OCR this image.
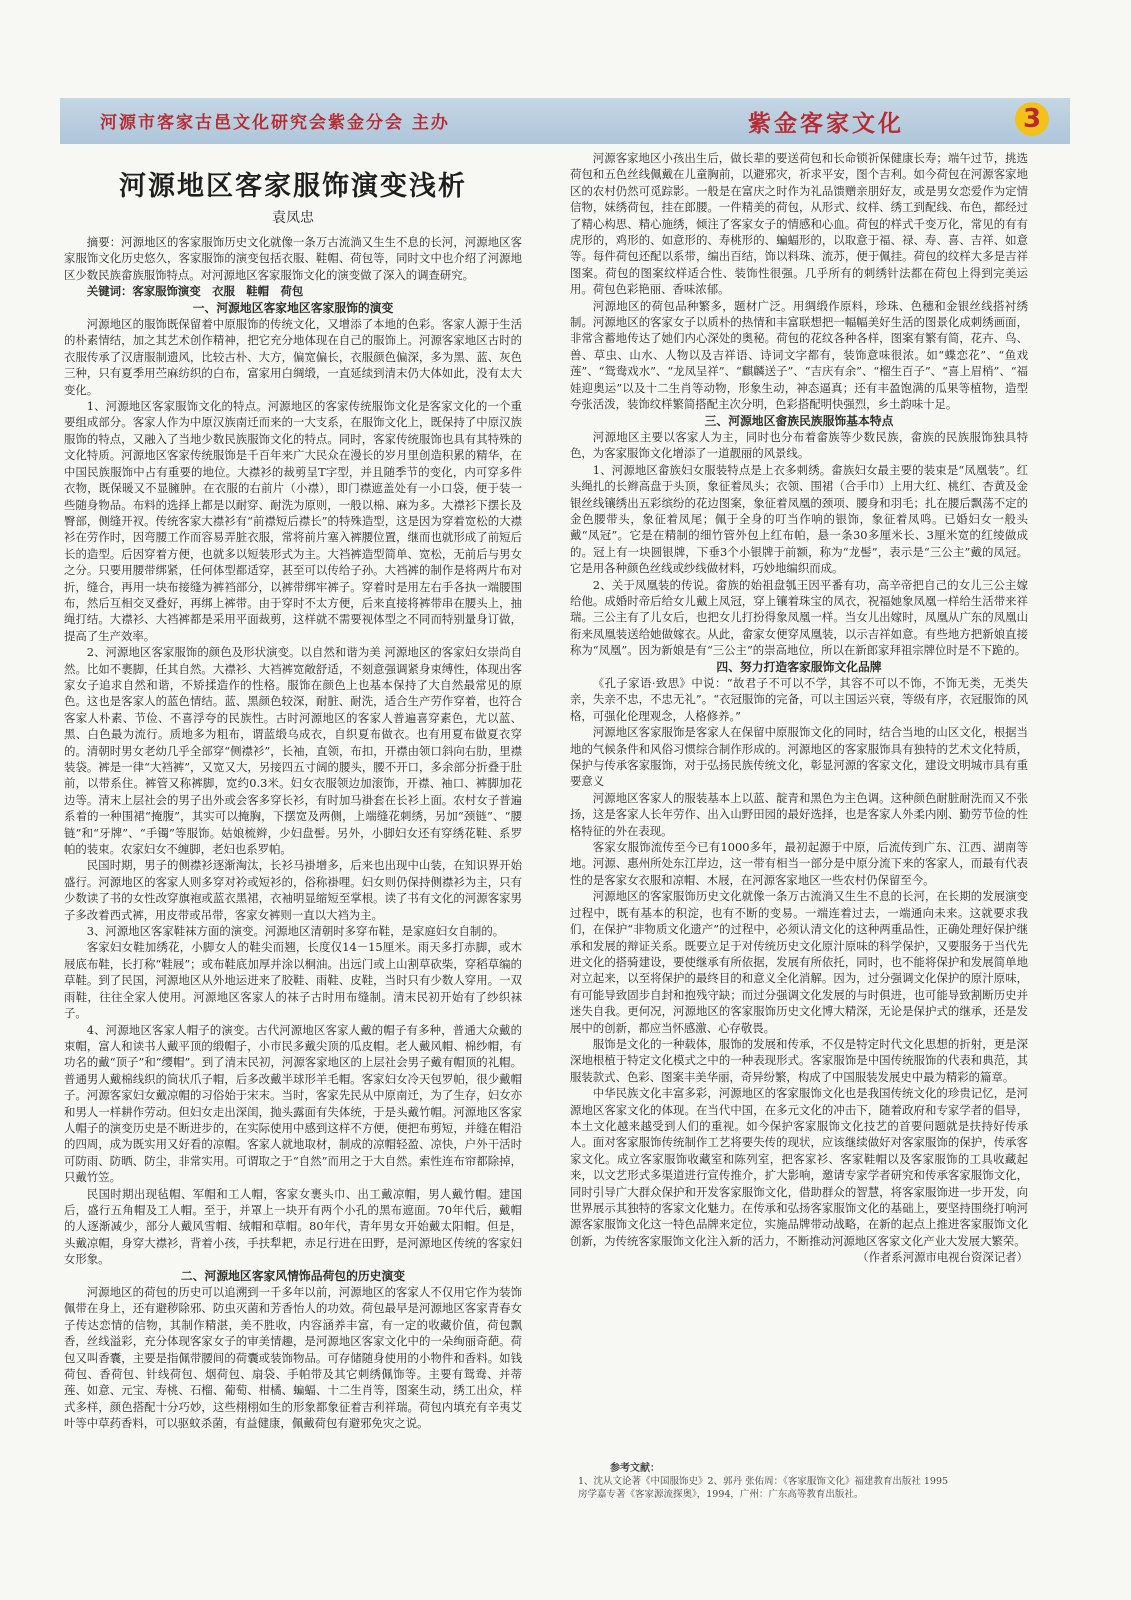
河源市客家古邑文化研究会紫金分会 主办	紫金客家文化	3
河源地区客家服饰演变浅析
袁凤忠

摘要：河源地区的客家服饰历史文化就像一条万古流淌又生生不息的长河，河源地区客家服饰文化历史悠久，客家服饰的演变包括衣服、鞋帽、荷包等，同时文中也介绍了河源地区少数民族畲族服饰特点。对河源地区客家服饰文化的演变做了深入的调查研究。

关键词：客家服饰演变　衣服　鞋帽　荷包

一、河源地区客家地区客家服饰的演变

河源地区的服饰既保留着中原服饰的传统文化，又增添了本地的色彩。客家人源于生活的朴素情结，加之其艺术创作精神，把它充分地体现在自己的服饰上。河源客家地区古时的衣服传承了汉唐服制遗风，比较古朴、大方，偏宽偏长，衣服颜色偏深，多为黑、蓝、灰色三种，只有夏季用苎麻纺织的白布，富家用白绸缎，一直延续到清末仍大体如此，没有太大变化。

1、河源地区客家服饰文化的特点。河源地区的客家传统服饰文化是客家文化的一个重要组成部分。客家人作为中原汉族南迁而来的一大支系，在服饰文化上，既保持了中原汉族服饰的特点，又融入了当地少数民族服饰文化的特点。同时，客家传统服饰也具有其特殊的文化特质。河源地区客家传统服饰是千百年来广大民众在漫长的岁月里创造积累的精华，在中国民族服饰中占有重要的地位。大襟衫的裁剪呈T字型，并且随季节的变化，内可穿多件衣物，既保暖又不显臃肿。在衣服的右前片（小襟），即门襟遮盖处有一小口袋，便于装一些随身物品。布料的选择上都是以耐穿、耐洗为原则，一般以棉、麻为多。大襟衫下摆长及臀部，侧缝开衩。传统客家大襟衫有“前襟短后襟长”的特殊造型，这是因为穿着宽松的大襟衫在劳作时，因弯腰工作而容易弄脏衣服，常将前片塞入裤腰位置，继而也就形成了前短后长的造型。后因穿着方便，也就多以短装形式为主。大裆裤造型简单、宽松，无前后与男女之分。只要用腰带绑紧，任何体型都适穿，甚至可以传给子孙。大裆裤的制作是将两片布对折，缝合，再用一块布接缝为裤裆部分，以裤带绑牢裤子。穿着时是用左右手各执一端腰围布，然后互相交叉叠好，再绑上裤带。由于穿时不太方便，后来直接将裤带串在腰头上，抽绳打结。大襟衫、大裆裤都是采用平面裁剪，这样就不需要视体型之不同而特别量身订做，提高了生产效率。

2、河源地区客家服饰的颜色及形状演变。以自然和谐为美 河源地区的客家妇女崇尚自然。比如不裹脚，任其自然。大襟衫、大裆裤宽敞舒适，不刻意强调紧身束缚性，体现出客家女子追求自然和谐，不矫揉造作的性格。服饰在颜色上也基本保持了大自然最常见的原色。这也是客家人的蓝色情结。蓝、黑颜色较深，耐脏、耐洗，适合生产劳作穿着，也符合客家人朴素、节俭、不喜浮夸的民族性。古时河源地区的客家人普遍喜穿素色，尤以蓝、黑、白色最为流行。质地多为粗布，谓蓝缎乌成衣，自织夏布做衣。也有用夏布做夏衣穿的。清朝时男女老幼几乎全部穿“侧襟衫”，长袖，直领，布扣，开襟由领口斜向右肋，里襟装袋。裤是一律“大裆裤”，又宽又大，另接四五寸阔的腰头，腰不开口，多余部分折叠于肚前，以带系住。裤管又称裤脚，宽约0.3米。妇女衣服领边加滚饰，开襟、袖口、裤脚加花边等。清末上层社会的男子出外或会客多穿长衫，有时加马褂套在长衫上面。农村女子普遍系着的一种围裙“掩腹”，其实可以掩胸，下摆宽及两侧，上端缝花刺绣，另加“颈链”、“腰链”和“牙牌”、“手镯”等服饰。姑娘梳辫，少妇盘髻。另外，小脚妇女还有穿绣花鞋、系罗帕的装束。农家妇女不缠脚，老妇也系罗帕。

民国时期，男子的侧襟衫逐渐淘汰，长衫马褂增多，后来也出现中山装，在知识界开始盛行。河源地区的客家人则多穿对衿或短衫的，俗称褂哩。妇女则仍保持侧襟衫为主，只有少数读了书的女性改穿旗袍或蓝衣黑裙，衣袖明显缩短至掌根。读了书有文化的河源客家男子多改着西式裤，用皮带或吊带，客家女裤则一直以大裆为主。

3、河源地区客家鞋袜方面的演变。河源地区清朝时多穿布鞋，是家庭妇女自制的。

客家妇女鞋加绣花，小脚女人的鞋尖而翘，长度仅14－15厘米。雨天多打赤脚，或木屐底布鞋，长打称“鞋屐”；或布鞋底加厚并涂以桐油。出远门或上山割草砍柴，穿稻草编的草鞋。到了民国，河源地区从外地运进来了胶鞋、雨鞋、皮鞋，当时只有少数人穿用。一双雨鞋，往往全家人使用。河源地区客家人的袜子古时用布缝制。清末民初开始有了纱织袜子。

4、河源地区客家人帽子的演变。古代河源地区客家人戴的帽子有多种，普通大众戴的束帽，富人和读书人戴平顶的缎帽子，小市民多戴尖顶的瓜皮帽。老人戴风帽、棉纱帽，有功名的戴“顶子”和“缨帽”。到了清末民初，河源客家地区的上层社会男子戴有帽顶的礼帽。普通男人戴棉线织的筒状爪子帽，后多改戴半球形羊毛帽。客家妇女冷天包罗帕，很少戴帽子。河源客家妇女戴凉帽的习俗始于宋末。当时，客家先民从中原南迁，为了生存，妇女亦和男人一样耕作劳动。但妇女走出深闺，抛头露面有失体统，于是头戴竹帽。河源地区客家人帽子的演变历史是不断进步的，在实际使用中感到这样不方便，便把布剪短，并缝在帽沿的四周，成为既实用又好看的凉帽。客家人就地取材，制成的凉帽轻盈、凉快，户外干活时可防雨、防晒、防尘，非常实用。可谓取之于“自然”而用之于大自然。索性连布帘都除掉，只戴竹笠。

民国时期出现毡帽、军帽和工人帽，客家女裹头巾、出工戴凉帽，男人戴竹帽。建国后，盛行五角帽及工人帽。至于，并罩上一块开有两个小孔的黑布遮面。70年代后，戴帽的人逐渐减少，部分人戴风雪帽、绒帽和草帽。80年代，青年男女开始戴太阳帽。但是，头戴凉帽，身穿大襟衫，背着小孩，手扶犁耙，赤足行进在田野，是河源地区传统的客家妇女形象。

二、河源地区客家风情饰品荷包的历史演变

河源地区的荷包的历史可以追溯到一千多年以前，河源地区的客家人不仅用它作为装饰佩带在身上，还有避秽除邪、防虫灭菌和芳香怡人的功效。荷包最早是河源地区客家青春女子传达恋情的信物，其制作精湛，美不胜收，内容涵养丰富，有一定的收藏价值，荷包飘香，丝线溢彩，充分体现客家女子的审美情趣，是河源地区客家文化中的一朵绚丽奇葩。荷包又叫香囊，主要是指佩带腰间的荷囊或装饰物品。可存储随身使用的小物件和香料。如钱荷包、香荷包、针线荷包、烟荷包、扇袋、手帕带及其它刺绣佩饰等。主要有鸳鸯、并蒂莲、如意、元宝、寿桃、石榴、葡萄、柑橘、蝙蝠、十二生肖等，图案生动，绣工出众，样式多样，颜色搭配十分巧妙，这些栩栩如生的形象都象征着吉利祥瑞。荷包内填充有辛夷艾叶等中草药香料，可以驱蚊杀菌，有益健康，佩戴荷包有避邪免灾之说。

河源客家地区小孩出生后，做长辈的要送荷包和长命锁祈保健康长寿；端午过节，挑选荷包和五色丝线佩戴在儿童胸前，以避邪灾，祈求平安，图个吉利。如今荷包在河源客家地区的农村仍然可觅踪影。一般是在富庆之时作为礼品馈赠亲朋好友，或是男女恋爱作为定情信物，妹绣荷包，挂在郎腰。一件精美的荷包，从形式、纹样、绣工到配线、布色，都经过了精心构思、精心施绣，倾注了客家女子的情感和心血。荷包的样式千变万化，常见的有有虎形的，鸡形的、如意形的、寿桃形的、蝙蝠形的，以取意于福、禄、寿、喜、吉祥、如意等。每件荷包还配以系带，编出百结，饰以料珠、流苏，便于佩挂。荷包的纹样大多是吉祥图案。荷包的图案纹样适合性、装饰性很强。几乎所有的刺绣针法都在荷包上得到完美运用。荷包色彩艳丽、香味浓郁。

河源地区的荷包品种繁多，题材广泛。用绸缎作原料，珍珠、色穗和金银丝线搭衬绣制。河源地区的客家女子以质朴的热情和丰富联想把一幅幅美好生活的图景化成刺绣画面，非常含蓄地传达了她们内心深处的奥秘。荷包的花纹各种各样，图案有繁有简，花卉、鸟、兽、草虫、山水、人物以及吉祥语、诗词文字都有，装饰意味很浓。如“蝶恋花”、“鱼戏莲”、“鸳鸯戏水”、“龙凤呈祥”、“麒麟送子”、“吉庆有余”、“榴生百子”、“喜上眉梢”、“福娃迎奥运”以及十二生肖等动物，形象生动，神态逼真；还有丰盈饱满的瓜果等植物，造型夸张活泼，装饰纹样繁简搭配主次分明，色彩搭配明快强烈，乡土韵味十足。

三、河源地区畲族民族服饰基本特点

河源地区主要以客家人为主，同时也分布着畲族等少数民族，畲族的民族服饰独具特色，为客家服饰文化增添了一道靓丽的风景线。

1、河源地区畲族妇女服装特点是上衣多刺绣。畲族妇女最主要的装束是“凤凰装”。红头绳扎的长辫高盘于头顶，象征着凤头；衣领、围裙（合手巾）上用大红、桃红、杏黄及金银丝线镶绣出五彩缤纷的花边图案，象征着凤凰的颈项、腰身和羽毛；扎在腰后飘荡不定的金色腰带头，象征着凤尾；佩于全身的叮当作响的银饰，象征着凤鸣。已婚妇女一般头戴“凤冠”。它是在精制的细竹管外包上红布帕，悬一条30多厘米长、3厘米宽的红绫做成的。冠上有一块圆银牌，下垂3个小银牌于前额，称为“龙髻”，表示是“三公主”戴的凤冠。它是用各种颜色丝线或纱线做材料，巧妙地编织而成。

2、关于凤凰装的传说。畲族的始祖盘瓠王因平番有功，高辛帝把自己的女儿三公主嫁给他。成婚时帝后给女儿戴上凤冠，穿上镶着珠宝的凤衣，祝福她象凤凰一样给生活带来祥瑞。三公主有了儿女后，也把女儿打扮得象凤凰一样。当女儿出嫁时，凤凰从广东的凤凰山衔来凤凰装送给她做嫁衣。从此，畲家女便穿凤凰装，以示吉祥如意。有些地方把新娘直接称为“凤凰”。因为新娘是有“三公主”的崇高地位，所以在新郎家拜祖宗牌位时是不下跪的。

四、努力打造客家服饰文化品牌

《孔子家语·致思》中说：“故君子不可以不学，其容不可以不饰，不饰无类，无类失亲，失亲不忠，不忠无礼”。“衣冠服饰的完备，可以主国运兴衰，等级有序，衣冠服饰的风格，可强化伦理观念，人格修养。”

河源地区客家服饰是客家人在保留中原服饰文化的同时，结合当地的山区文化，根据当地的气候条件和风俗习惯综合制作形成的。河源地区的客家服饰具有独特的艺术文化特质，保护与传承客家服饰，对于弘扬民族传统文化，彰显河源的客家文化，建设文明城市具有重要意义

河源地区客家人的服装基本上以蓝、靛青和黑色为主色调。这种颜色耐脏耐洗而又不张扬，这是客家人长年劳作、出入山野田园的最好选择，也是客家人外柔内刚、勤劳节俭的性格特征的外在表现。

客家女服饰流传至今已有1000多年，最初起源于中原，后流传到广东、江西、湖南等地。河源、惠州所处东江岸边，这一带有相当一部分是中原分流下来的客家人，而最有代表性的是客家女衣服和凉帽、木屐，在河源客家地区一些农村仍保留至今。

河源地区的客家服饰历史文化就像一条万古流淌又生生不息的长河，在长期的发展演变过程中，既有基本的积淀，也有不断的变易。一端连着过去，一端通向未来。这就要求我们，在保护“非物质文化遗产”的过程中，必须认清文化的这种两重品性，正确处理好保护继承和发展的辩证关系。既要立足于对传统历史文化原汁原味的科学保护，又要服务于当代先进文化的搭骑建设，要使继承有所依据，发展有所依托，同时，也不能将保护和发展简单地对立起来，以至将保护的最终目的和意义全化消解。因为，过分强调文化保护的原汁原味，有可能导致固步自封和抱残守缺；而过分强调文化发展的与时俱进，也可能导致割断历史并迷失自我。更何况，河源地区的客家服饰历史文化博大精深，无论是保护式的继承，还是发展中的创新，都应当怀感激、心存敬畏。

服饰是文化的一种载体，服饰的发展和传承，不仅是特定时代文化思想的折射，更是深深地根植于特定文化模式之中的一种表现形式。客家服饰是中国传统服饰的代表和典范，其服装款式、色彩、图案丰美华丽，奇异纷繁，构成了中国服装发展史中最为精彩的篇章。

中华民族文化丰富多彩，河源地区的客家服饰文化也是我国传统文化的珍贵记忆，是河源地区客家文化的体现。在当代中国，在多元文化的冲击下，随着政府和专家学者的倡导，本土文化越来越受到人们的重视。如今保护客家服饰文化技艺的首要问题就是扶持好传承人。面对客家服饰传统制作工艺将要失传的现状，应该继续做好对客家服饰的保护，传承客家文化。成立客家服饰收藏室和陈列室，把客家衫、客家鞋帽以及客家服饰的工具收藏起来，以文艺形式多渠道进行宣传推介，扩大影响，邀请专家学者研究和传承客家服饰文化，同时引导广大群众保护和开发客家服饰文化，借助群众的智慧，将客家服饰进一步开发，向世界展示其独特的客家文化魅力。在传承和弘扬客家服饰文化的基础上，要坚持围绕打响河源客家服饰文化这一特色品牌来定位，实施品牌带动战略，在新的起点上推进客家服饰文化创新，为传统客家服饰文化注入新的活力，不断推动河源地区客家文化产业大发展大繁荣。

（作者系河源市电视台资深记者）

参考文献：
1、沈从文论著《中国服饰史》2、郭丹 张佑周：《客家服饰文化》福建教育出版社 1995
房学嘉专著《客家源流探奥》，1994，广州：广东高等教育出版社。
